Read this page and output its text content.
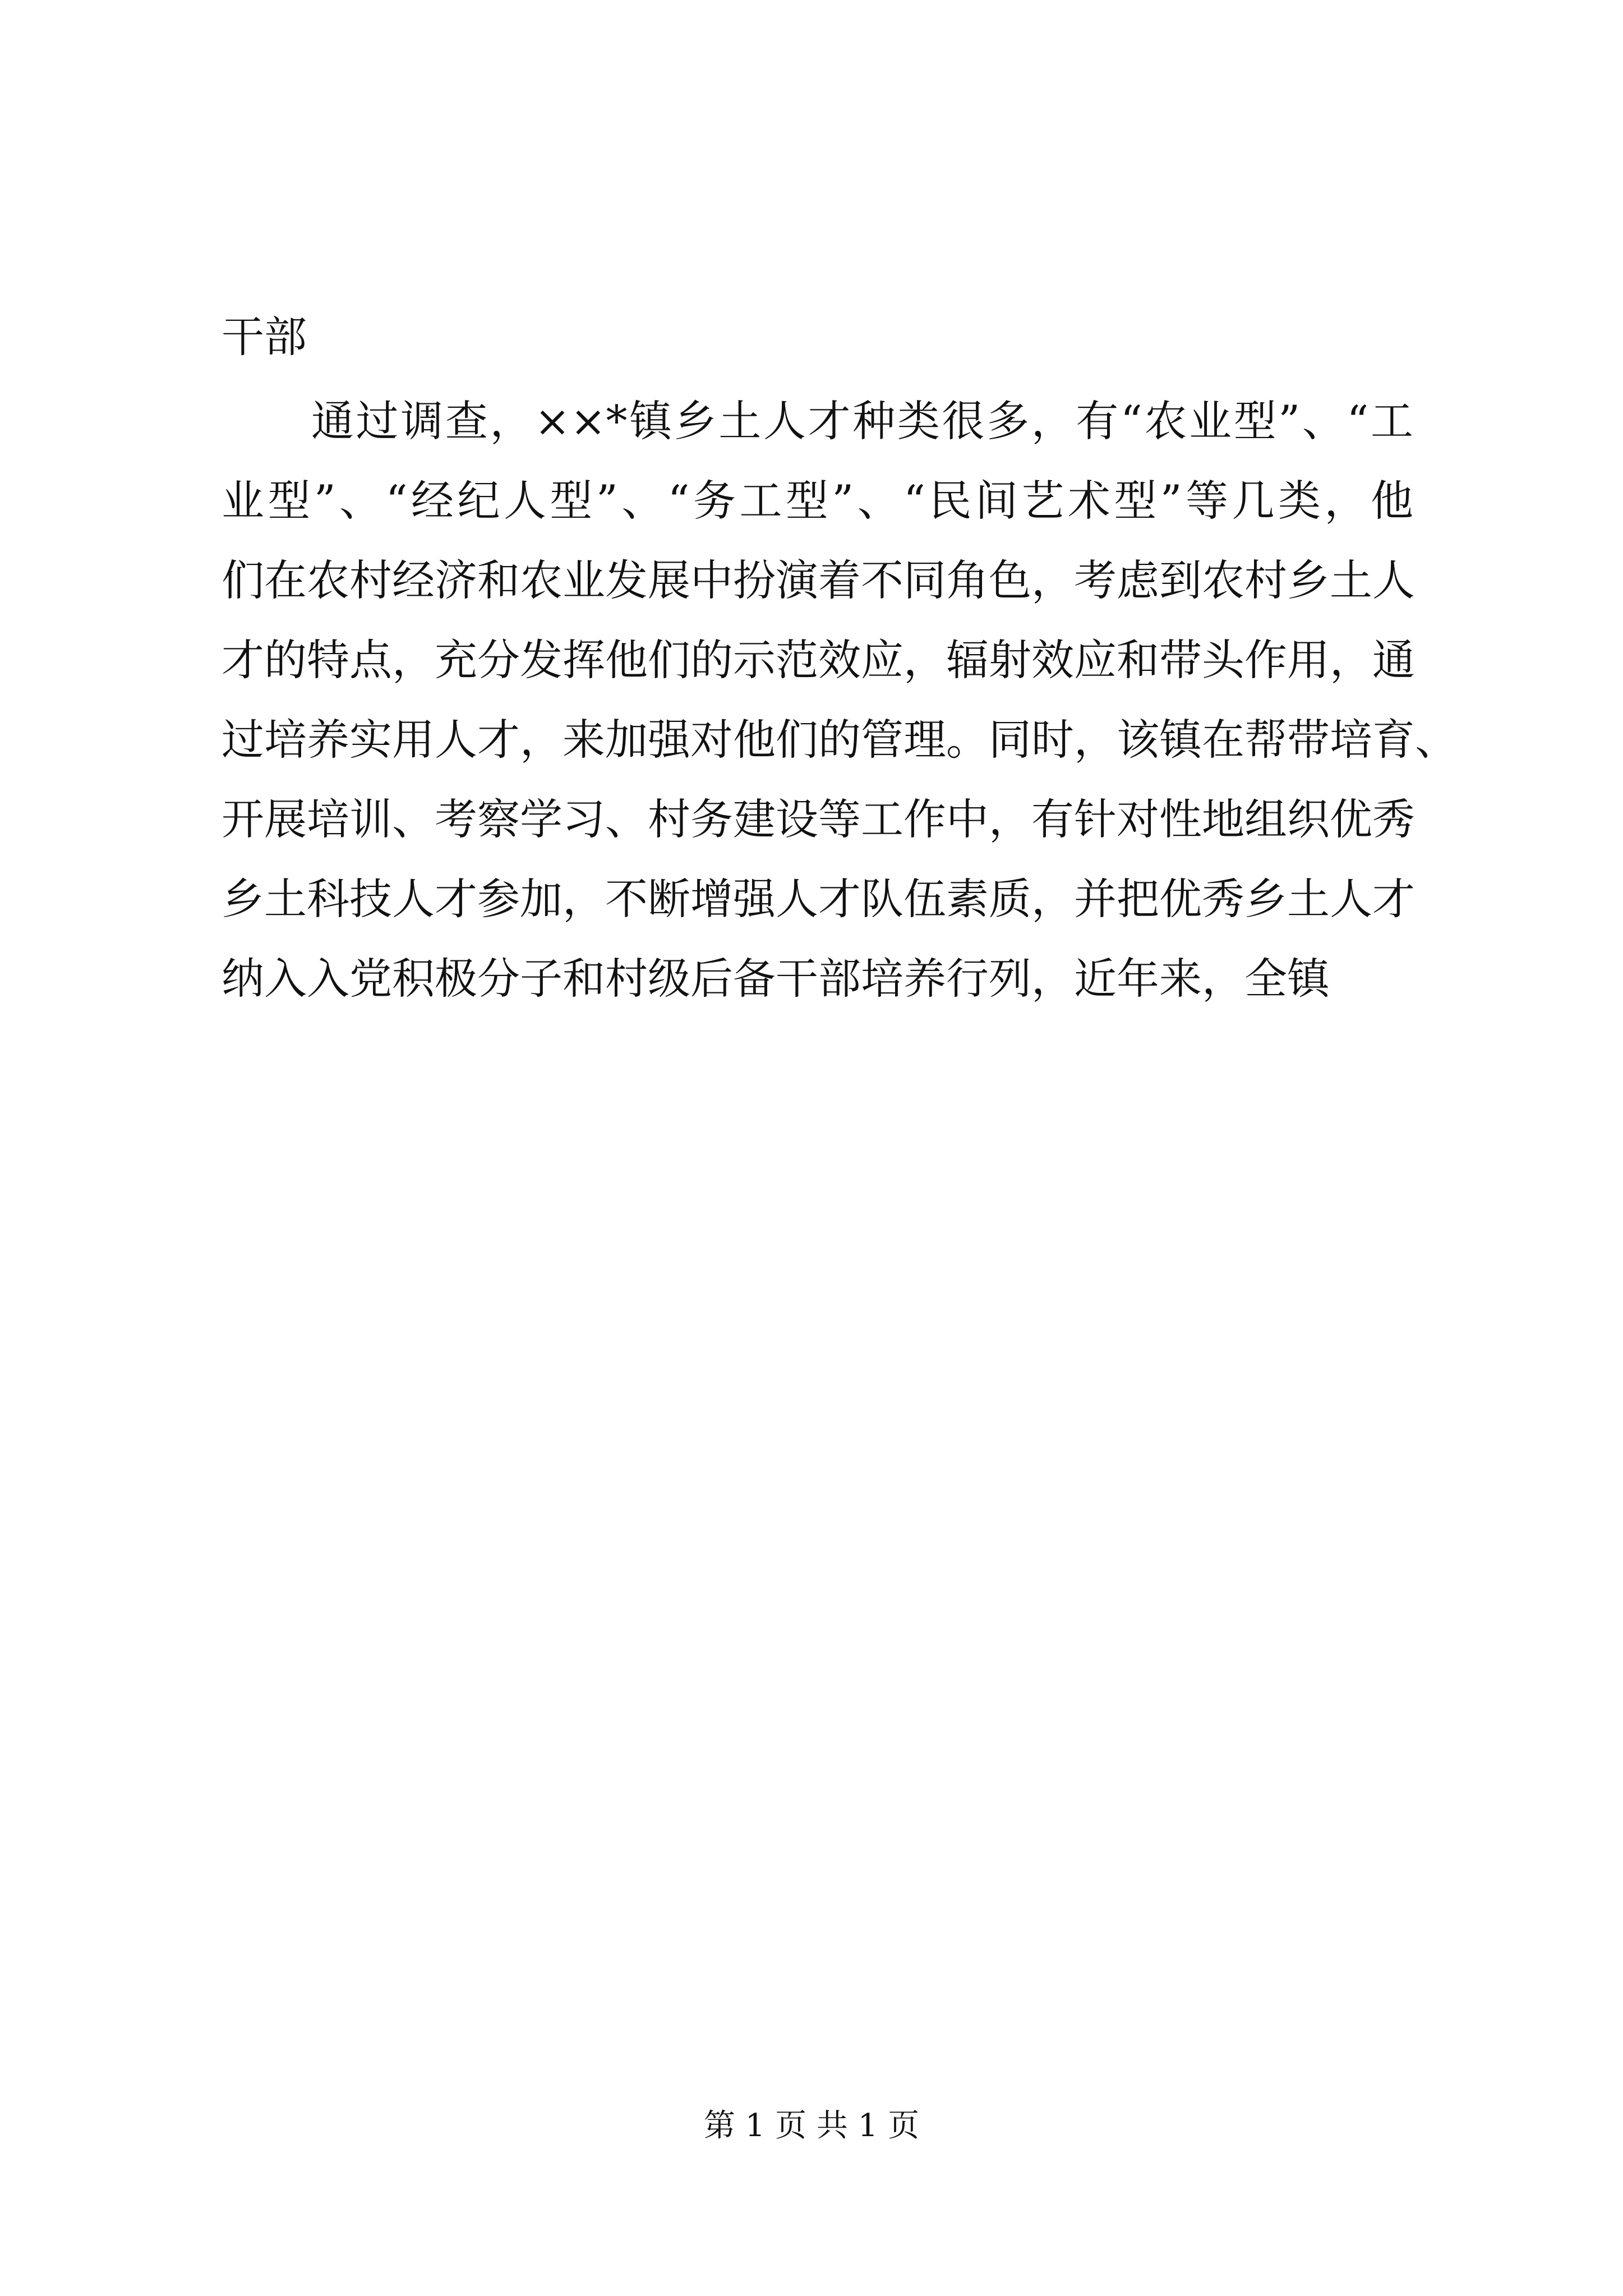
干部
通过调查，××*镇乡土人才种类很多，有“农业型”、“工
业型”、“经纪人型”、“务工型”、“民间艺术型”等几类，他
们在农村经济和农业发展中扮演着不同角色，考虑到农村乡土人
才的特点，充分发挥他们的示范效应，辐射效应和带头作用，通
过培养实用人才，来加强对他们的管理。同时，该镇在帮带培育、
开展培训、考察学习、村务建设等工作中，有针对性地组织优秀
乡土科技人才参加，不断增强人才队伍素质，并把优秀乡土人才
纳入入党积极分子和村级后备干部培养行列，近年来，全镇
第 1 页 共 1 页
